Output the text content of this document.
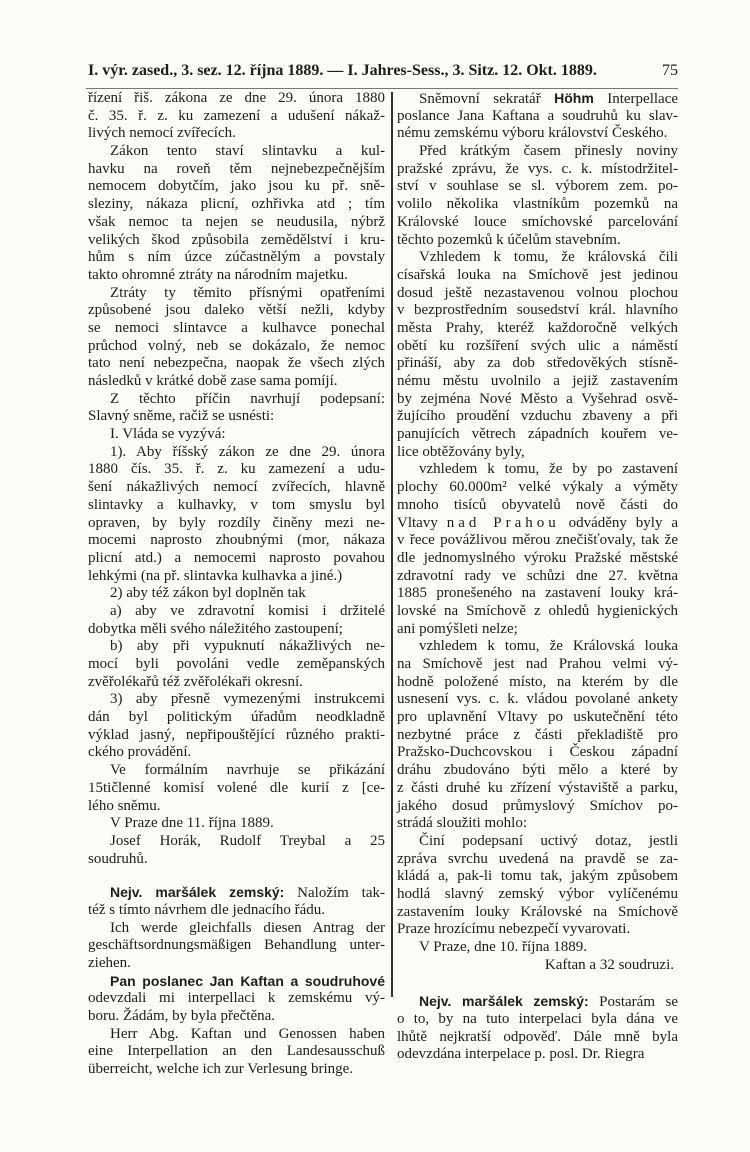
I. výr. zased., 3. sez. 12. října 1889. — I. Jahres-Sess., 3. Sitz. 12. Okt. 1889.	75
řízení řiš. zákona ze dne 29. února 1880
č. 35. ř. z. ku zamezení a udušení nákaž-
livých nemocí zvířecích.
Zákon tento staví slintavku a kul-
havku na roveň těm nejnebezpečnějším
nemocem dobytčím, jako jsou ku př. sně-
sleziny, nákaza plicní, ozhřivka atd ; tím
však nemoc ta nejen se neudusila, nýbrž
velikých škod způsobila zemědělství i kru-
hům s ním úzce zúčastnělým a povstaly
takto ohromné ztráty na národním majetku.
Ztráty ty těmito přísnými opatřeními
způsobené jsou daleko větší nežli, kdyby
se nemoci slintavce a kulhavce ponechal
průchod volný, neb se dokázalo, že nemoc
tato není nebezpečna, naopak že všech zlých
následků v krátké době zase sama pomíjí.
Z těchto příčin navrhují podepsaní:
Slavný sněme, račiž se usnésti:
I. Vláda se vyzývá:
1). Aby říšský zákon ze dne 29. února
1880 čís. 35. ř. z. ku zamezení a udu-
šení nákažlivých nemocí zvířecích, hlavně
slintavky a kulhavky, v tom smyslu byl
opraven, by byly rozdíly činěny mezi ne-
mocemi naprosto zhoubnými (mor, nákaza
plicní atd.) a nemocemi naprosto povahou
lehkými (na př. slintavka kulhavka a jiné.)
2) aby též zákon byl doplněn tak
a) aby ve zdravotní komisi i držitelé
dobytka měli svého náležitého zastoupení;
b) aby při vypuknutí nákažlivých ne-
mocí byli povoláni vedle zeměpanských
zvěřolékařů též zvěřolékaři okresní.
3) aby přesně vymezenými instrukcemi
dán byl politickým úřadům neodkladně
výklad jasný, nepřipouštějící různého prakti-
ckého provádění.
Ve formálním navrhuje se přikázání
15tičlenné komisí volené dle kurií z [ce-
lého sněmu.
V Praze dne 11. října 1889.
Josef Horák, Rudolf Treybal a 25
soudruhů.
Nejv. maršálek zemský: Naložím tak-
též s tímto návrhem dle jednacího řádu.
Ich werde gleichfalls diesen Antrag der
geschäftsordnungsmäßigen Behandlung unter-
ziehen.
Pan poslanec Jan Kaftan a soudruhové
odevzdali mi interpellaci k zemskému vý-
boru. Žádám, by byla přečtěna.
Herr Abg. Kaftan und Genossen haben
eine Interpellation an den Landesausschuß
überreicht, welche ich zur Verlesung bringe.
Sněmovní sekratář Höhm Interpellace
poslance Jana Kaftana a soudruhů ku slav-
nému zemskému výboru království Českého.
Před krátkým časem přinesly noviny
pražské zprávu, že vys. c. k. místodržitel-
ství v souhlase se sl. výborem zem. po-
volilo několika vlastníkům pozemků na
Královské louce smíchovské parcelování
těchto pozemků k účelům stavebním.
Vzhledem k tomu, že královská čili
císařská louka na Smíchově jest jedinou
dosud ještě nezastavenou volnou plochou
v bezprostředním sousedství král. hlavního
města Prahy, kteréž každoročně velkých
obětí ku rozšíření svých ulic a náměstí
přináší, aby za dob středověkých stísně-
nému městu uvolnilo a jejiž zastavením
by zejména Nové Město a Vyšehrad osvě-
žujícího proudění vzduchu zbaveny a při
panujících větrech západních kouřem ve-
lice obtěžovány byly,
vzhledem k tomu, že by po zastavení
plochy 60.000m² velké výkaly a výměty
mnoho tisíců obyvatelů nově části do
Vltavy nad Prahou odváděny byly a
v řece povážlivou měrou znečišťovaly, tak že
dle jednomyslného výroku Pražské městské
zdravotní rady ve schůzi dne 27. května
1885 pronešeného na zastavení louky krá-
lovské na Smíchově z ohledů hygienických
ani pomýšleti nelze;
vzhledem k tomu, že Královská louka
na Smíchově jest nad Prahou velmi vý-
hodně položené místo, na kterém by dle
usnesení vys. c. k. vládou povolané ankety
pro uplavnění Vltavy po uskutečnění této
nezbytné práce z části překladiště pro
Pražsko-Duchcovskou i Českou západní
dráhu zbudováno býti mělo a které by
z části druhé ku zřízení výstaviště a parku,
jakého dosud průmyslový Smíchov po-
strádá sloužiti mohlo:
Činí podepsaní uctivý dotaz, jestli
zpráva svrchu uvedená na pravdě se za-
kládá a, pak-li tomu tak, jakým způsobem
hodlá slavný zemský výbor vylíčenému
zastavením louky Královské na Smíchově
Praze hrozícímu nebezpečí vyvarovati.
V Praze, dne 10. října 1889.
Kaftan a 32 soudruzi.
Nejv. maršálek zemský: Postarám se
o to, by na tuto interpelaci byla dána ve
lhůtě nejkratší odpověď. Dále mně byla
odevzdána interpelace p. posl. Dr. Riegra
